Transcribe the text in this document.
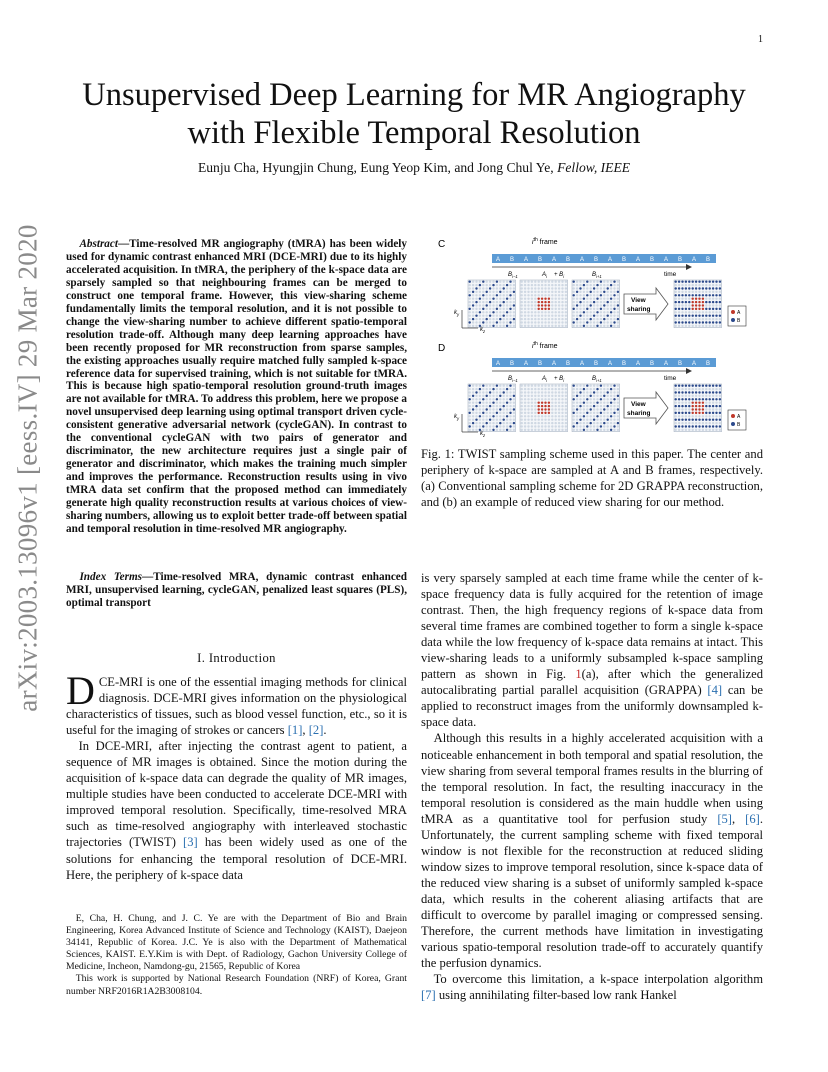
1
arXiv:2003.13096v1 [eess.IV] 29 Mar 2020
Unsupervised Deep Learning for MR Angiography
with Flexible Temporal Resolution
Eunju Cha, Hyungjin Chung, Eung Yeop Kim, and Jong Chul Ye, Fellow, IEEE
Abstract—Time-resolved MR angiography (tMRA) has been widely used for dynamic contrast enhanced MRI (DCE-MRI) due to its highly accelerated acquisition. In tMRA, the periphery of the k-space data are sparsely sampled so that neighbouring frames can be merged to construct one temporal frame. However, this view-sharing scheme fundamentally limits the temporal resolution, and it is not possible to change the view-sharing number to achieve different spatio-temporal resolution trade-off. Although many deep learning approaches have been recently proposed for MR reconstruction from sparse samples, the existing approaches usually require matched fully sampled k-space reference data for supervised training, which is not suitable for tMRA. This is because high spatio-temporal resolution ground-truth images are not available for tMRA. To address this problem, here we propose a novel unsupervised deep learning using optimal transport driven cycle-consistent generative adversarial network (cycleGAN). In contrast to the conventional cycleGAN with two pairs of generator and discriminator, the new architecture requires just a single pair of generator and discriminator, which makes the training much simpler and improves the performance. Reconstruction results using in vivo tMRA data set confirm that the proposed method can immediately generate high quality reconstruction results at various choices of view-sharing numbers, allowing us to exploit better trade-off between spatial and temporal resolution in time-resolved MR angiography.
Index Terms—Time-resolved MRA, dynamic contrast enhanced MRI, unsupervised learning, cycleGAN, penalized least squares (PLS), optimal transport
I. Introduction

DCE-MRI is one of the essential imaging methods for clinical diagnosis. DCE-MRI gives information on the physiological characteristics of tissues, such as blood vessel function, etc., so it is useful for the imaging of strokes or cancers [1], [2].

In DCE-MRI, after injecting the contrast agent to patient, a sequence of MR images is obtained. Since the motion during the acquisition of k-space data can degrade the quality of MR images, multiple studies have been conducted to accelerate DCE-MRI with improved temporal resolution. Specifically, time-resolved MRA such as time-resolved angiography with interleaved stochastic trajectories (TWIST) [3] has been widely used as one of the solutions for enhancing the temporal resolution of DCE-MRI. Here, the periphery of k-space data

E, Cha, H. Chung, and J. C. Ye are with the Department of Bio and Brain Engineering, Korea Advanced Institute of Science and Technology (KAIST), Daejeon 34141, Republic of Korea. J.C. Ye is also with the Department of Mathematical Sciences, KAIST. E.Y.Kim is with Dept. of Radiology, Gachon University College of Medicine, Incheon, Namdong-gu, 21565, Republic of Korea

This work is supported by National Research Foundation (NRF) of Korea, Grant number NRF2016R1A2B3008104.

C
D
$i^{th}$ frame
A B A B A B A B A B A B A B A B
time
$B_{i-1}$	$A_i + B_i$	$B_{i+1}$
$k_y$
$k_z$
View
sharing	A
B
$i^{th}$ frame
A B A B A B A B A B A B A B A B
time
$B_{i-1}$	$A_i + B_i$	$B_{i+1}$
$k_y$
$k_z$
View
sharing	A
B
Fig. 1: TWIST sampling scheme used in this paper. The center and periphery of k-space are sampled at A and B frames, respectively. (a) Conventional sampling scheme for 2D GRAPPA reconstruction, and (b) an example of reduced view sharing for our method.

is very sparsely sampled at each time frame while the center of k-space frequency data is fully acquired for the retention of image contrast. Then, the high frequency regions of k-space data from several time frames are combined together to form a single k-space data while the low frequency of k-space data remains at intact. This view-sharing leads to a uniformly subsampled k-space sampling pattern as shown in Fig. 1(a), after which the generalized autocalibrating partial parallel acquisition (GRAPPA) [4] can be applied to reconstruct images from the uniformly downsampled k-space data.

Although this results in a highly accelerated acquisition with a noticeable enhancement in both temporal and spatial resolution, the view sharing from several temporal frames results in the blurring of the temporal resolution. In fact, the resulting inaccuracy in the temporal resolution is considered as the main huddle when using tMRA as a quantitative tool for perfusion study [5], [6]. Unfortunately, the current sampling scheme with fixed temporal window is not flexible for the reconstruction at reduced sliding window sizes to improve temporal resolution, since k-space data of the reduced view sharing is a subset of uniformly sampled k-space data, which results in the coherent aliasing artifacts that are difficult to overcome by parallel imaging or compressed sensing. Therefore, the current methods have limitation in investigating various spatio-temporal resolution trade-off to accurately quantify the perfusion dynamics.

To overcome this limitation, a k-space interpolation algorithm [7] using annihilating filter-based low rank Hankel
